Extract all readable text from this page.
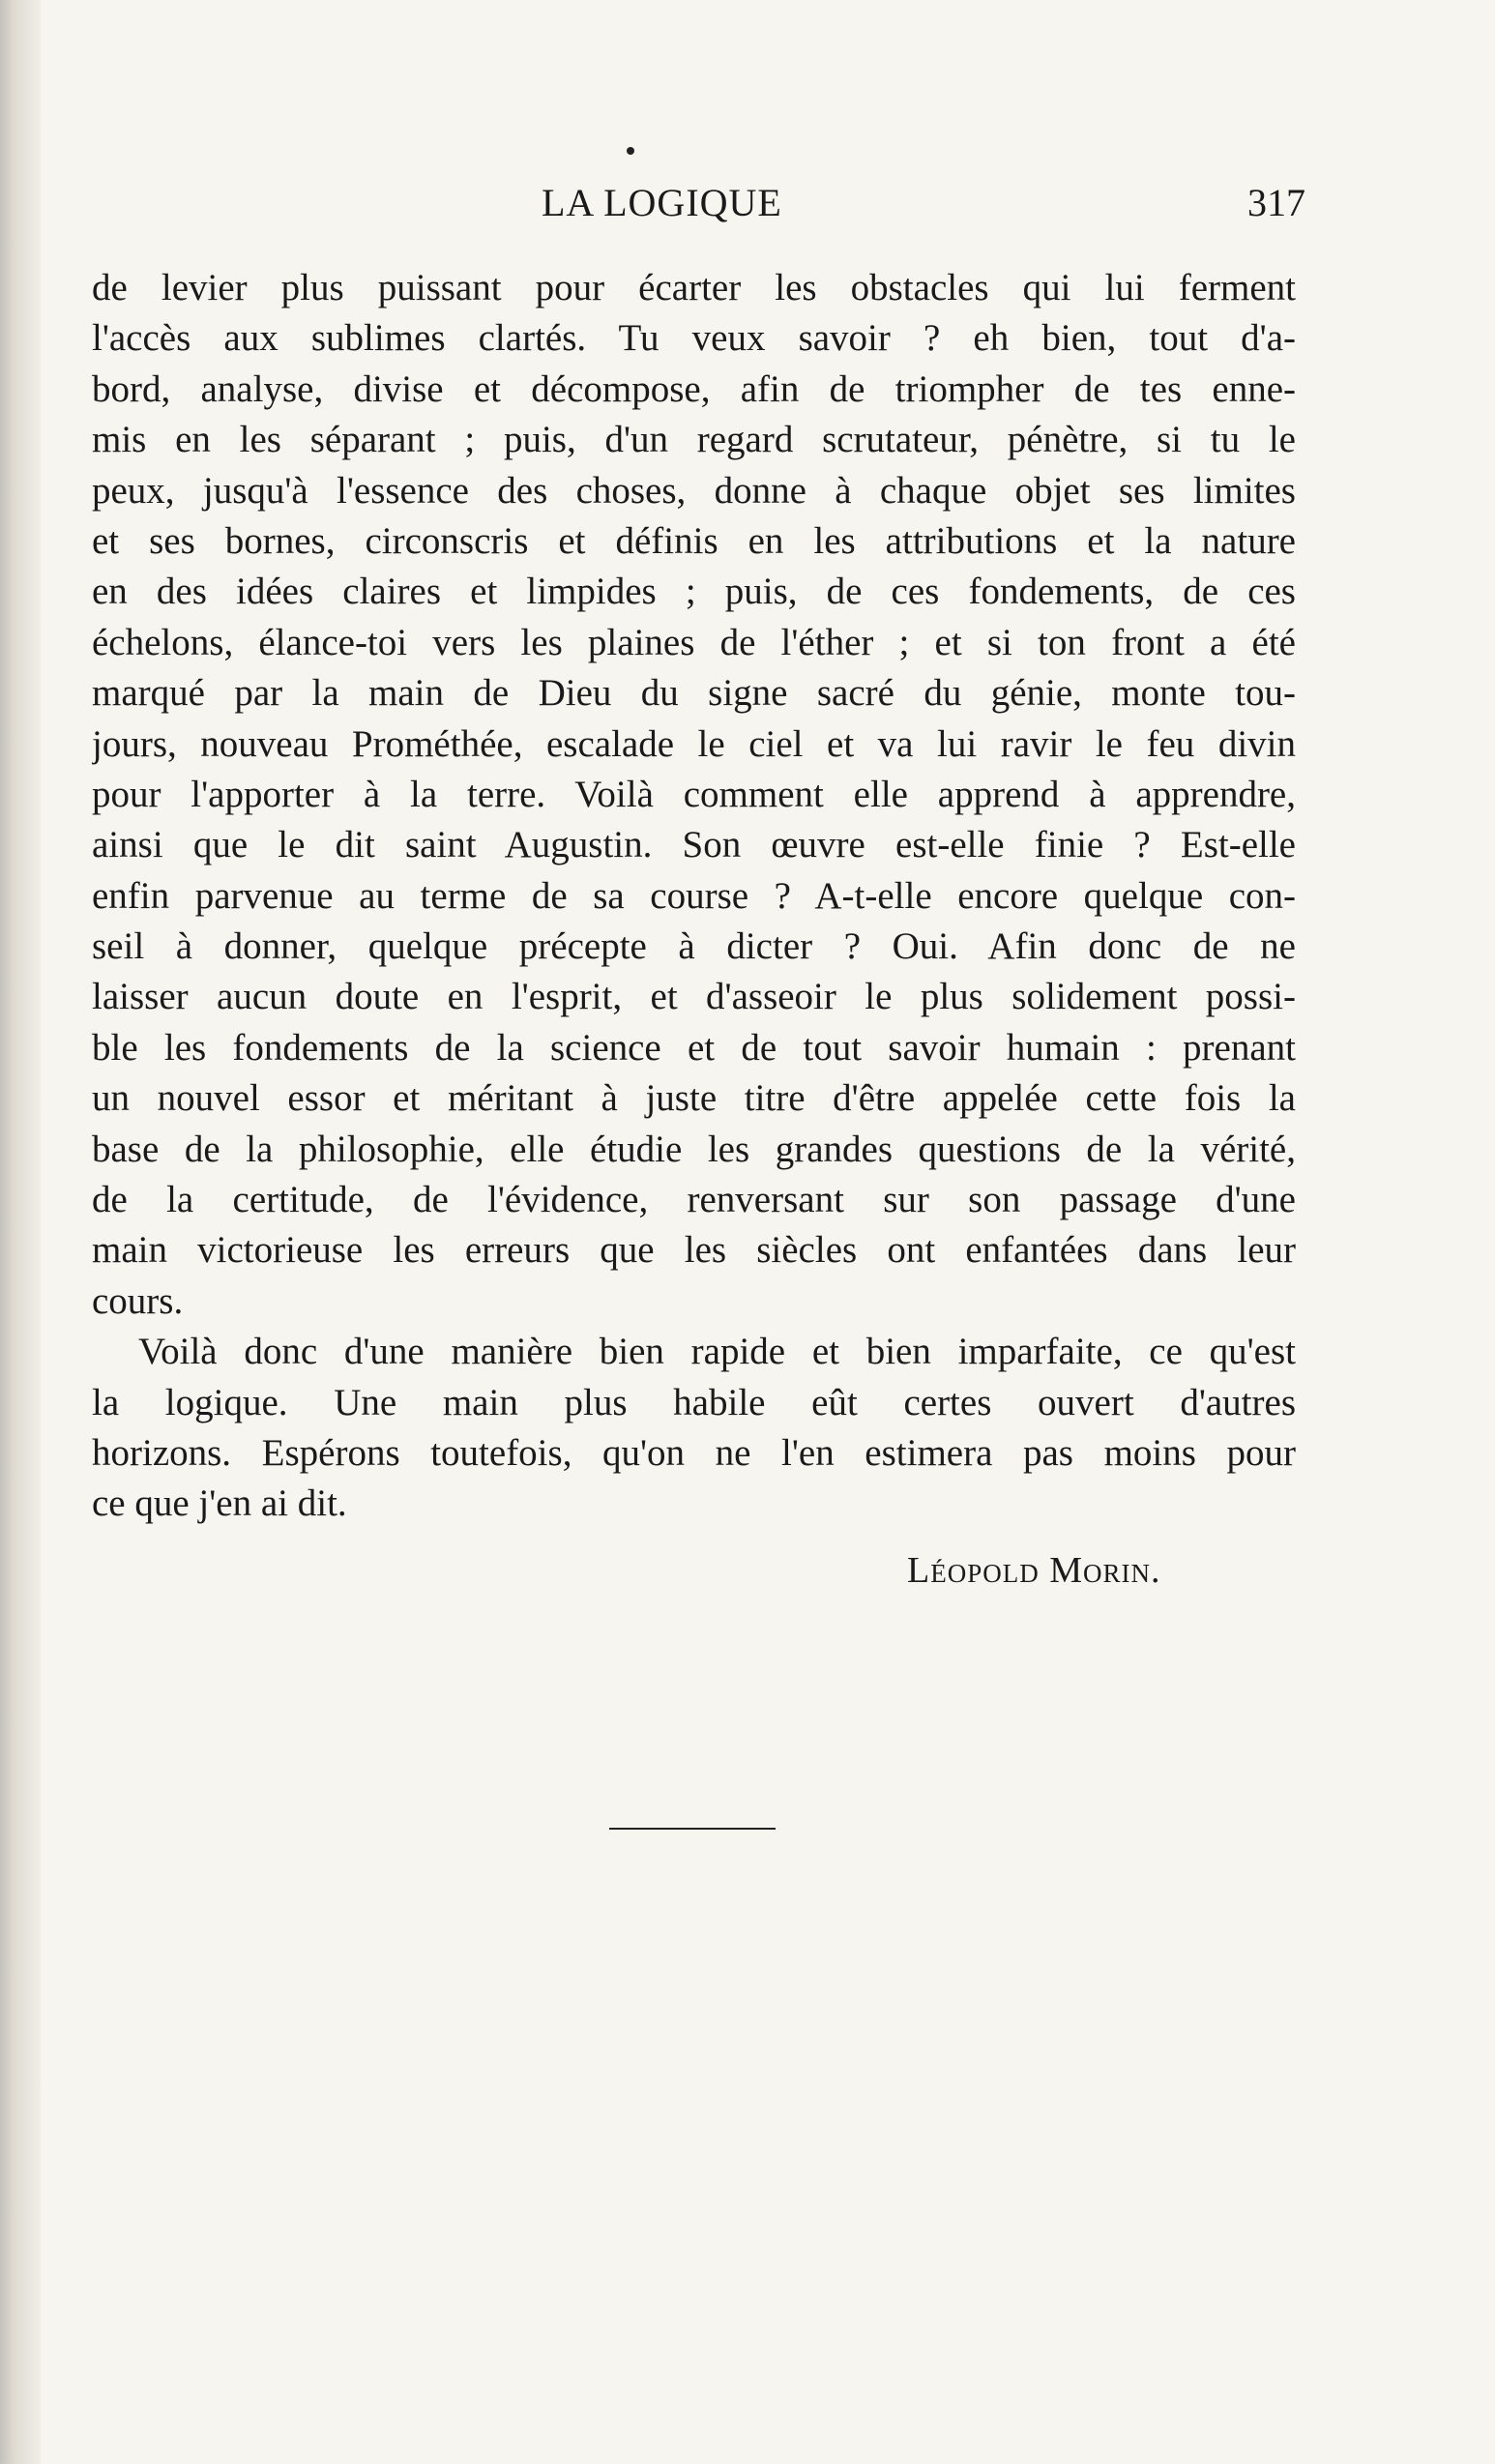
LA LOGIQUE	317
de levier plus puissant pour écarter les obstacles qui lui ferment
l'accès aux sublimes clartés. Tu veux savoir ? eh bien, tout d'a-
bord, analyse, divise et décompose, afin de triompher de tes enne-
mis en les séparant ; puis, d'un regard scrutateur, pénètre, si tu le
peux, jusqu'à l'essence des choses, donne à chaque objet ses limites
et ses bornes, circonscris et définis en les attributions et la nature
en des idées claires et limpides ; puis, de ces fondements, de ces
échelons, élance-toi vers les plaines de l'éther ; et si ton front a été
marqué par la main de Dieu du signe sacré du génie, monte tou-
jours, nouveau Prométhée, escalade le ciel et va lui ravir le feu divin
pour l'apporter à la terre. Voilà comment elle apprend à apprendre,
ainsi que le dit saint Augustin. Son œuvre est-elle finie ? Est-elle
enfin parvenue au terme de sa course ? A-t-elle encore quelque con-
seil à donner, quelque précepte à dicter ? Oui. Afin donc de ne
laisser aucun doute en l'esprit, et d'asseoir le plus solidement possi-
ble les fondements de la science et de tout savoir humain : prenant
un nouvel essor et méritant à juste titre d'être appelée cette fois la
base de la philosophie, elle étudie les grandes questions de la vérité,
de la certitude, de l'évidence, renversant sur son passage d'une
main victorieuse les erreurs que les siècles ont enfantées dans leur
cours.
Voilà donc d'une manière bien rapide et bien imparfaite, ce qu'est
la logique. Une main plus habile eût certes ouvert d'autres
horizons. Espérons toutefois, qu'on ne l'en estimera pas moins pour
ce que j'en ai dit.
Léopold Morin.
